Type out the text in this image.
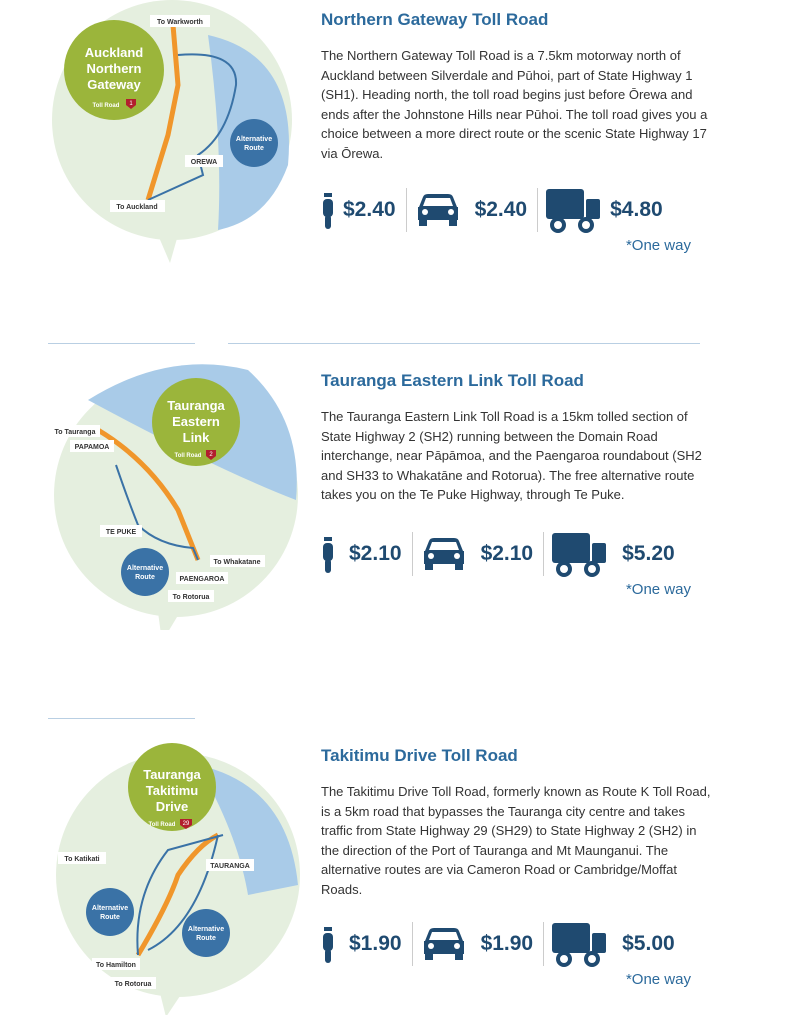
Auckland
Northern
Gateway
Toll Road 1
Alternative
Route
To Warkworth
OREWA
To Auckland
Northern Gateway Toll Road
The Northern Gateway Toll Road is a 7.5km motorway north of Auckland between Silverdale and Pūhoi, part of State Highway 1 (SH1). Heading north, the toll road begins just before Ōrewa and ends after the Johnstone Hills near Pūhoi. The toll road gives you a choice between a more direct route or the scenic State Highway 17 via Ōrewa.
$2.40	$2.40	$4.80
*One way
Tauranga
Eastern
Link
Toll Road 2
Alternative
Route
To Tauranga
PAPAMOA
TE PUKE
To Whakatane
PAENGAROA
To Rotorua
Tauranga Eastern Link Toll Road
The Tauranga Eastern Link Toll Road is a 15km tolled section of State Highway 2 (SH2) running between the Domain Road interchange, near Pāpāmoa, and the Paengaroa roundabout (SH2 and SH33 to Whakatāne and Rotorua). The free alternative route takes you on the Te Puke Highway, through Te Puke.
$2.10	$2.10	$5.20
*One way
Tauranga
Takitimu
Drive
Toll Road 29
Alternative
Route
Alternative
Route
To Katikati
TAURANGA
To Hamilton
To Rotorua
Takitimu Drive Toll Road
The Takitimu Drive Toll Road, formerly known as Route K Toll Road, is a 5km road that bypasses the Tauranga city centre and takes traffic from State Highway 29 (SH29) to State Highway 2 (SH2) in the direction of the Port of Tauranga and Mt Maunganui. The alternative routes are via Cameron Road or Cambridge/Moffat Roads.
$1.90	$1.90	$5.00
*One way
